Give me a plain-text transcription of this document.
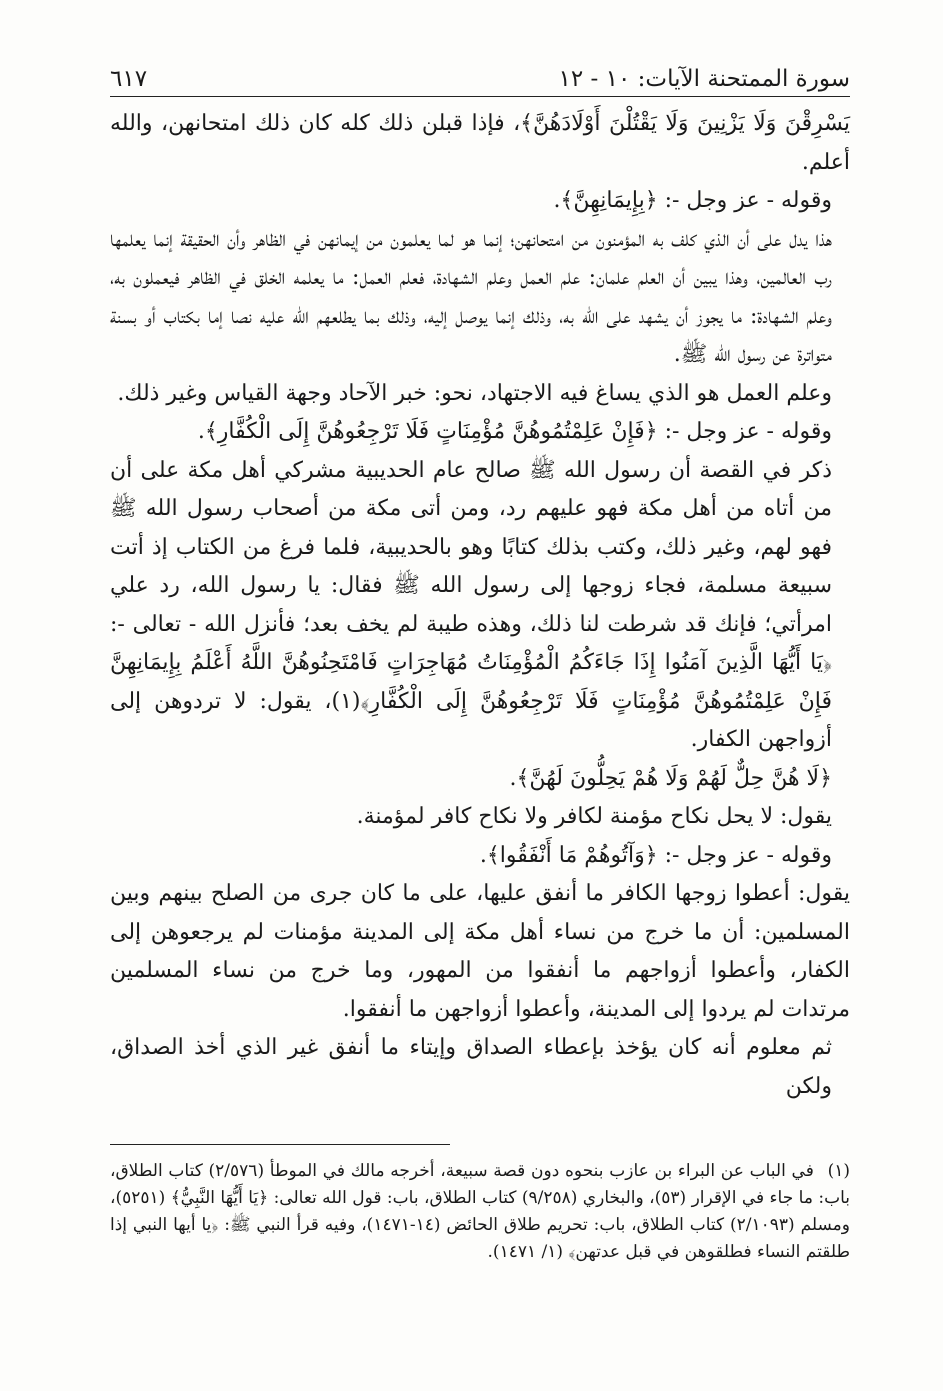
سورة الممتحنة الآيات: ١٠ - ١٢
٦١٧

يَسْرِقْنَ وَلَا يَزْنِينَ وَلَا يَقْتُلْنَ أَوْلَادَهُنَّ﴾، فإذا قبلن ذلك كله كان ذلك امتحانهن، والله أعلم.

وقوله - عز وجل -: ﴿بِإِيمَانِهِنَّ﴾.

هذا يدل على أن الذي كلف به المؤمنون من امتحانهن؛ إنما هو لما يعلمون من إيمانهن في الظاهر وأن الحقيقة إنما يعلمها رب العالمين، وهذا يبين أن العلم علمان: علم العمل وعلم الشهادة، فعلم العمل: ما يعلمه الخلق في الظاهر فيعملون به، وعلم الشهادة: ما يجوز أن يشهد على الله به، وذلك إنما يوصل إليه، وذلك بما يطلعهم الله عليه نصا إما بكتاب أو بسنة متواترة عن رسول الله ﷺ.

وعلم العمل هو الذي يساغ فيه الاجتهاد، نحو: خبر الآحاد وجهة القياس وغير ذلك.

وقوله - عز وجل -: ﴿فَإِنْ عَلِمْتُمُوهُنَّ مُؤْمِنَاتٍ فَلَا تَرْجِعُوهُنَّ إِلَى الْكُفَّارِ﴾.

ذكر في القصة أن رسول الله ﷺ صالح عام الحديبية مشركي أهل مكة على أن من أتاه من أهل مكة فهو عليهم رد، ومن أتى مكة من أصحاب رسول الله ﷺ فهو لهم، وغير ذلك، وكتب بذلك كتابًا وهو بالحديبية، فلما فرغ من الكتاب إذ أتت سبيعة مسلمة، فجاء زوجها إلى رسول الله ﷺ فقال: يا رسول الله، رد علي امرأتي؛ فإنك قد شرطت لنا ذلك، وهذه طيبة لم يخف بعد؛ فأنزل الله - تعالى -: ﴿يَا أَيُّهَا الَّذِينَ آمَنُوا إِذَا جَاءَكُمُ الْمُؤْمِنَاتُ مُهَاجِرَاتٍ فَامْتَحِنُوهُنَّ اللَّهُ أَعْلَمُ بِإِيمَانِهِنَّ فَإِنْ عَلِمْتُمُوهُنَّ مُؤْمِنَاتٍ فَلَا تَرْجِعُوهُنَّ إِلَى الْكُفَّارِ﴾(١)، يقول: لا تردوهن إلى أزواجهن الكفار.

﴿لَا هُنَّ حِلٌّ لَهُمْ وَلَا هُمْ يَحِلُّونَ لَهُنَّ﴾.

يقول: لا يحل نكاح مؤمنة لكافر ولا نكاح كافر لمؤمنة.

وقوله - عز وجل -: ﴿وَآتُوهُمْ مَا أَنْفَقُوا﴾.

يقول: أعطوا زوجها الكافر ما أنفق عليها، على ما كان جرى من الصلح بينهم وبين المسلمين: أن ما خرج من نساء أهل مكة إلى المدينة مؤمنات لم يرجعوهن إلى الكفار، وأعطوا أزواجهم ما أنفقوا من المهور، وما خرج من نساء المسلمين مرتدات لم يردوا إلى المدينة، وأعطوا أزواجهن ما أنفقوا.

ثم معلوم أنه كان يؤخذ بإعطاء الصداق وإيتاء ما أنفق غير الذي أخذ الصداق، ولكن

(١) في الباب عن البراء بن عازب بنحوه دون قصة سبيعة، أخرجه مالك في الموطأ (٢/٥٧٦) كتاب الطلاق، باب: ما جاء في الإقرار (٥٣)، والبخاري (٩/٢٥٨) كتاب الطلاق، باب: قول الله تعالى: ﴿يَا أَيُّهَا النَّبِيُّ﴾ (٥٢٥١)، ومسلم (٢/١٠٩٣) كتاب الطلاق، باب: تحريم طلاق الحائض (١٤-١٤٧١)، وفيه قرأ النبي ﷺ: ﴿يا أيها النبي إذا طلقتم النساء فطلقوهن في قبل عدتهن﴾ (١/ ١٤٧١).
